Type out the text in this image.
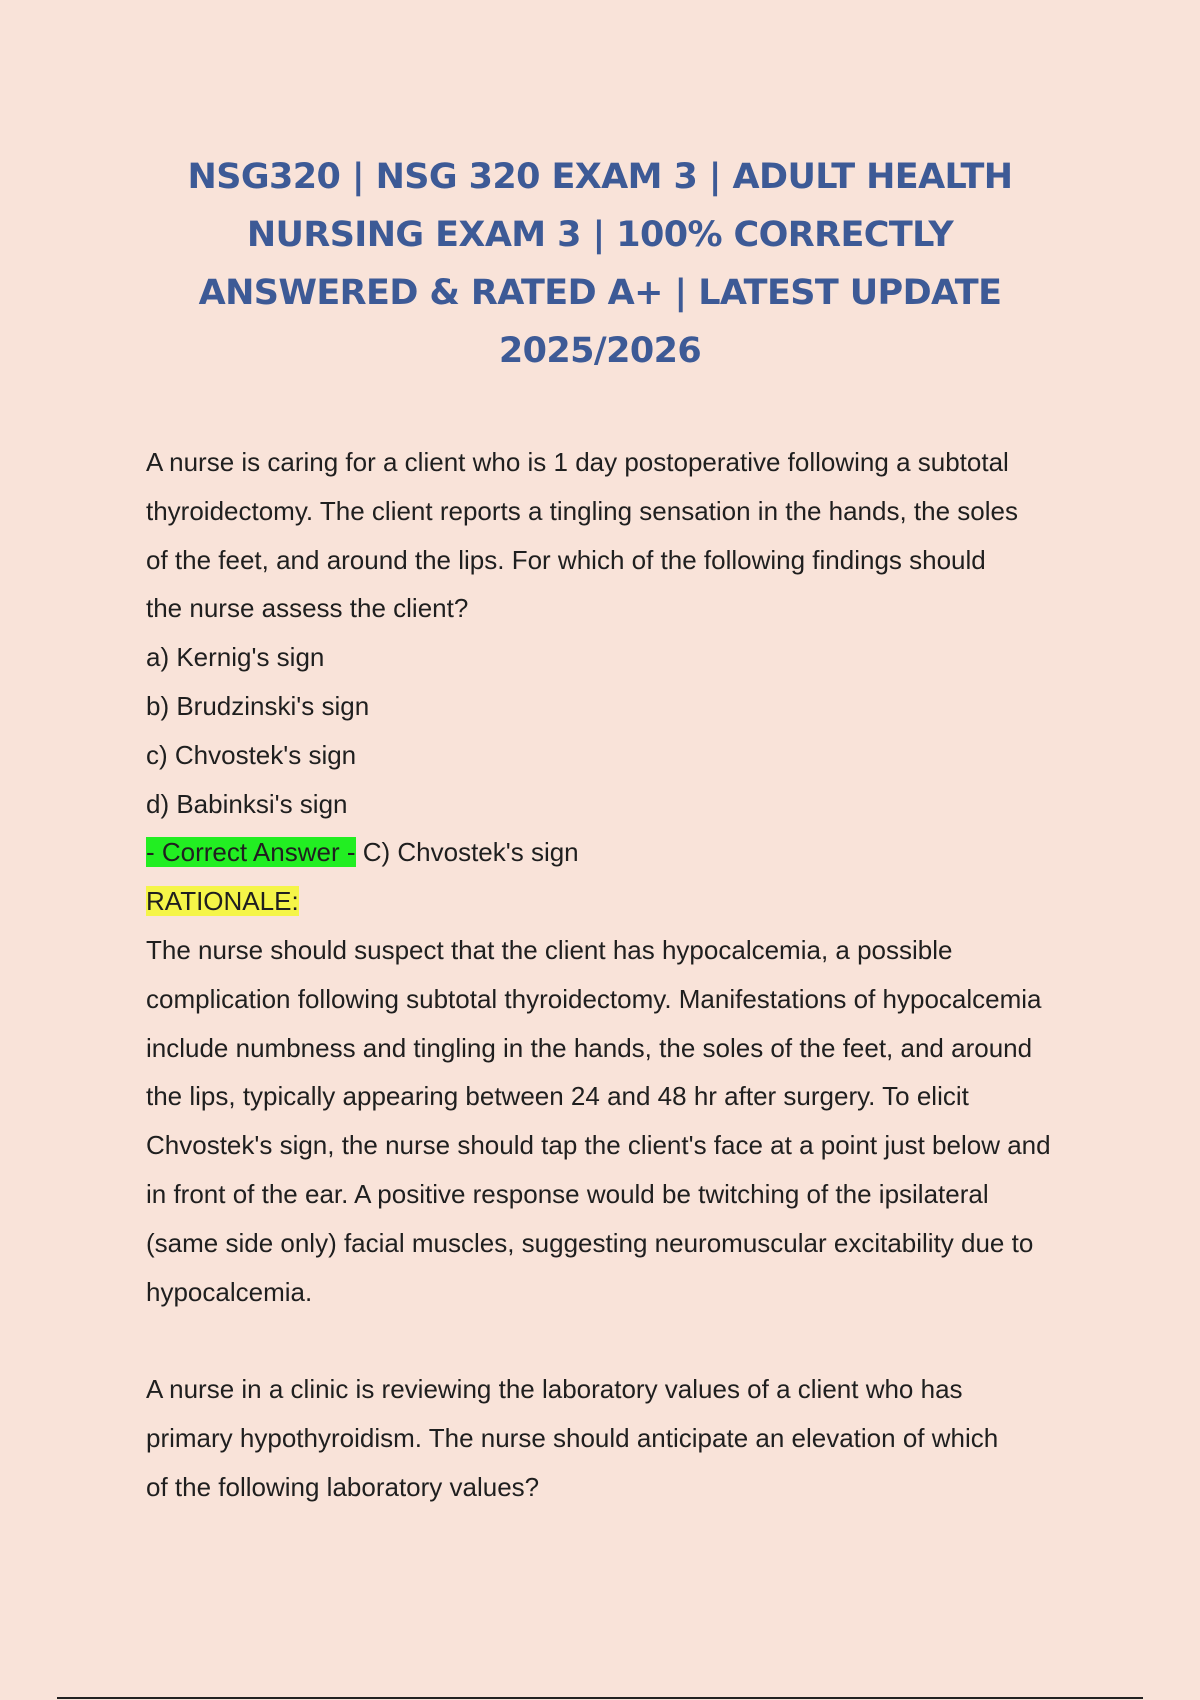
NSG320 | NSG 320 EXAM 3 | ADULT HEALTH NURSING EXAM 3 | 100% CORRECTLY ANSWERED & RATED A+ | LATEST UPDATE 2025/2026

A nurse is caring for a client who is 1 day postoperative following a subtotal thyroidectomy. The client reports a tingling sensation in the hands, the soles of the feet, and around the lips. For which of the following findings should the nurse assess the client?

a) Kernig's sign

b) Brudzinski's sign

c) Chvostek's sign

d) Babinksi's sign

- Correct Answer - C) Chvostek's sign

RATIONALE:

The nurse should suspect that the client has hypocalcemia, a possible complication following subtotal thyroidectomy. Manifestations of hypocalcemia include numbness and tingling in the hands, the soles of the feet, and around the lips, typically appearing between 24 and 48 hr after surgery. To elicit Chvostek's sign, the nurse should tap the client's face at a point just below and in front of the ear. A positive response would be twitching of the ipsilateral (same side only) facial muscles, suggesting neuromuscular excitability due to hypocalcemia.

A nurse in a clinic is reviewing the laboratory values of a client who has primary hypothyroidism. The nurse should anticipate an elevation of which of the following laboratory values?
